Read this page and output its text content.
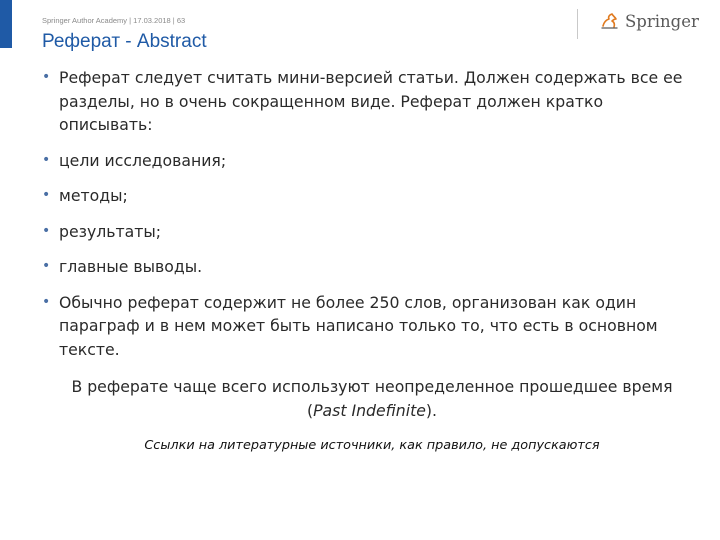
Springer Author Academy | 17.03.2018 | 63
Реферат - Abstract
Springer
• Реферат следует считать мини-версией статьи. Должен содержать все ее разделы, но в очень сокращенном виде. Реферат должен кратко описывать:
• цели исследования;
• методы;
• результаты;
• главные выводы.
• Обычно реферат содержит не более 250 слов, организован как один параграф и в нем может быть написано только то, что есть в основном тексте.

В реферате чаще всего используют неопределенное прошедшее время (Past Indefinite).

Ссылки на литературные источники, как правило, не допускаются
